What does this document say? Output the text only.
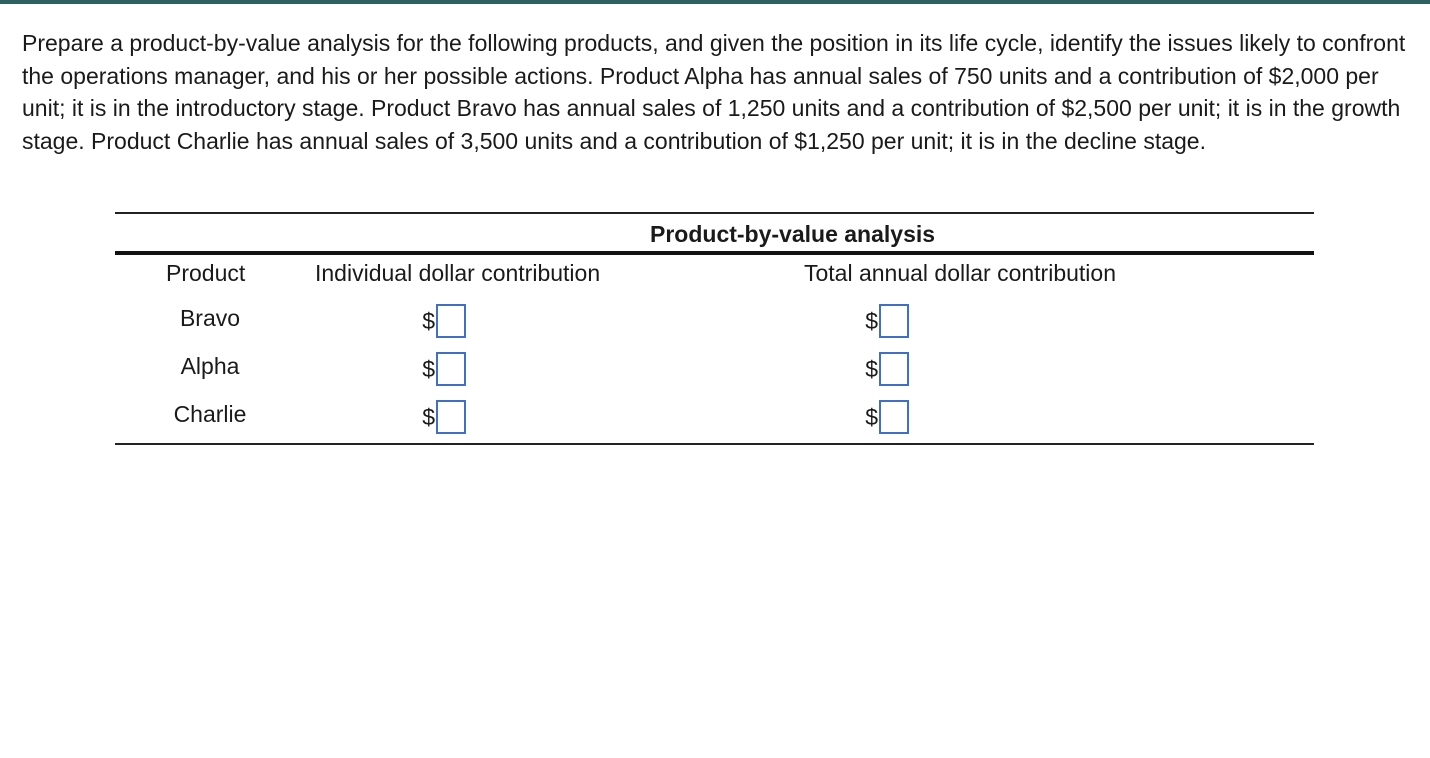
Prepare a product-by-value analysis for the following products, and given the position in its life cycle, identify the issues likely to confront the operations manager, and his or her possible actions. Product Alpha has annual sales of 750 units and a contribution of $2,000 per unit; it is in the introductory stage. Product Bravo has annual sales of 1,250 units and a contribution of $2,500 per unit; it is in the growth stage. Product Charlie has annual sales of 3,500 units and a contribution of $1,250 per unit; it is in the decline stage.

Product-by-value analysis
Product	Individual dollar contribution	Total annual dollar contribution
Bravo	$	$
Alpha	$	$
Charlie	$	$
